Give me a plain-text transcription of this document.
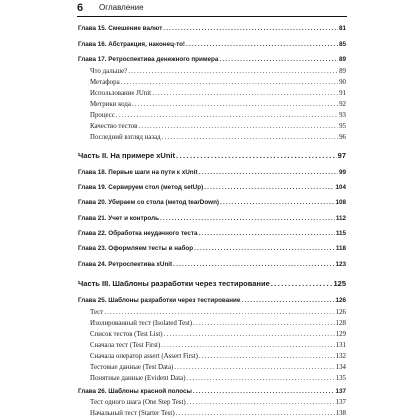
6 Оглавление
Глава 15. Смешение валют .....	81
Глава 16. Абстракция, наконец-то! .....	85
Глава 17. Ретроспектива денежного примера .....	89
Что дальше? .....	89
Метафора .....	90
Использование JUnit .....	91
Метрики кода .....	92
Процесс .....	93
Качество тестов .....	95
Последний взгляд назад .....	96
Часть II. На примере xUnit .....	97
Глава 18. Первые шаги на пути к xUnit .....	99
Глава 19. Сервируем стол (метод setUp) .....	104
Глава 20. Убираем со стола (метод tearDown) .....	108
Глава 21. Учет и контроль .....	112
Глава 22. Обработка неудачного теста .....	115
Глава 23. Оформляем тесты в набор .....	118
Глава 24. Ретроспектива xUnit .....	123
Часть III. Шаблоны разработки через тестирование .....	125
Глава 25. Шаблоны разработки через тестирование .....	126
Тест .....	126
Изолированный тест (Isolated Test) .....	128
Список тестов (Test List) .....	129
Сначала тест (Test First) .....	131
Сначала оператор assert (Assert First) .....	132
Тестовые данные (Test Data) .....	134
Понятные данные (Evident Data) .....	135
Глава 26. Шаблоны красной полосы .....	137
Тест одного шага (One Step Test) .....	137
Начальный тест (Starter Test) .....	138
